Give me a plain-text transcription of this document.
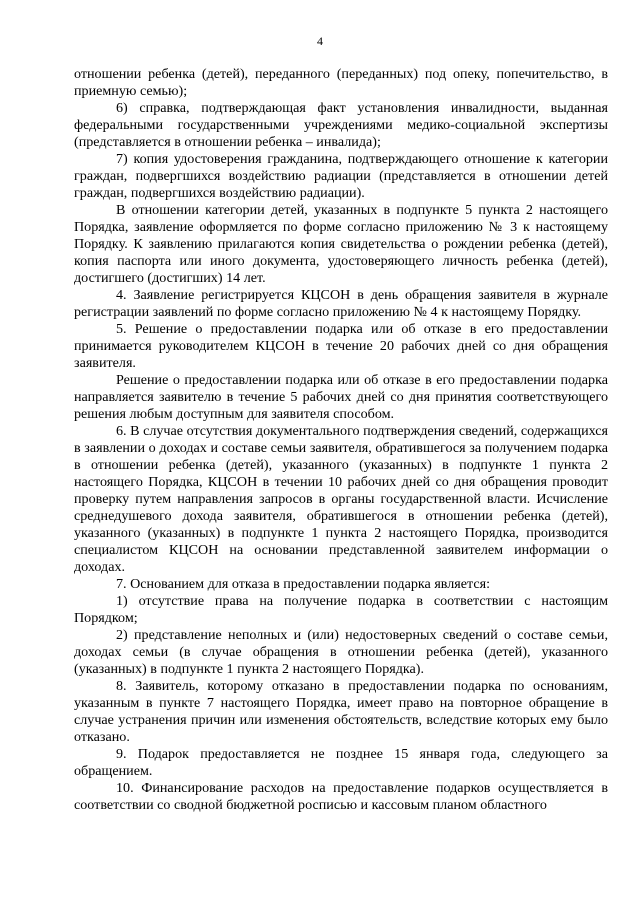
4

отношении ребенка (детей), переданного (переданных) под опеку, попечительство, в приемную семью);

6) справка, подтверждающая факт установления инвалидности, выданная федеральными государственными учреждениями медико-социальной экспертизы (представляется в отношении ребенка – инвалида);

7) копия удостоверения гражданина, подтверждающего отношение к категории граждан, подвергшихся воздействию радиации (представляется в отношении детей граждан, подвергшихся воздействию радиации).

В отношении категории детей, указанных в подпункте 5 пункта 2 настоящего Порядка, заявление оформляется по форме согласно приложению № 3 к настоящему Порядку. К заявлению прилагаются копия свидетельства о рождении ребенка (детей), копия паспорта или иного документа, удостоверяющего личность ребенка (детей), достигшего (достигших) 14 лет.

4. Заявление регистрируется КЦСОН в день обращения заявителя в журнале регистрации заявлений по форме согласно приложению № 4 к настоящему Порядку.

5. Решение о предоставлении подарка или об отказе в его предоставлении принимается руководителем КЦСОН в течение 20 рабочих дней со дня обращения заявителя.

Решение о предоставлении подарка или об отказе в его предоставлении подарка направляется заявителю в течение 5 рабочих дней со дня принятия соответствующего решения любым доступным для заявителя способом.

6. В случае отсутствия документального подтверждения сведений, содержащихся в заявлении о доходах и составе семьи заявителя, обратившегося за получением подарка в отношении ребенка (детей), указанного (указанных) в подпункте 1 пункта 2 настоящего Порядка, КЦСОН в течении 10 рабочих дней со дня обращения проводит проверку путем направления запросов в органы государственной власти. Исчисление среднедушевого дохода заявителя, обратившегося в отношении ребенка (детей), указанного (указанных) в подпункте 1 пункта 2 настоящего Порядка, производится специалистом КЦСОН на основании представленной заявителем информации о доходах.

7. Основанием для отказа в предоставлении подарка является:

1) отсутствие права на получение подарка в соответствии с настоящим Порядком;

2) представление неполных и (или) недостоверных сведений о составе семьи, доходах семьи (в случае обращения в отношении ребенка (детей), указанного (указанных) в подпункте 1 пункта 2 настоящего Порядка).

8. Заявитель, которому отказано в предоставлении подарка по основаниям, указанным в пункте 7 настоящего Порядка, имеет право на повторное обращение в случае устранения причин или изменения обстоятельств, вследствие которых ему было отказано.

9. Подарок предоставляется не позднее 15 января года, следующего за обращением.

10. Финансирование расходов на предоставление подарков осуществляется в соответствии со сводной бюджетной росписью и кассовым планом областного
